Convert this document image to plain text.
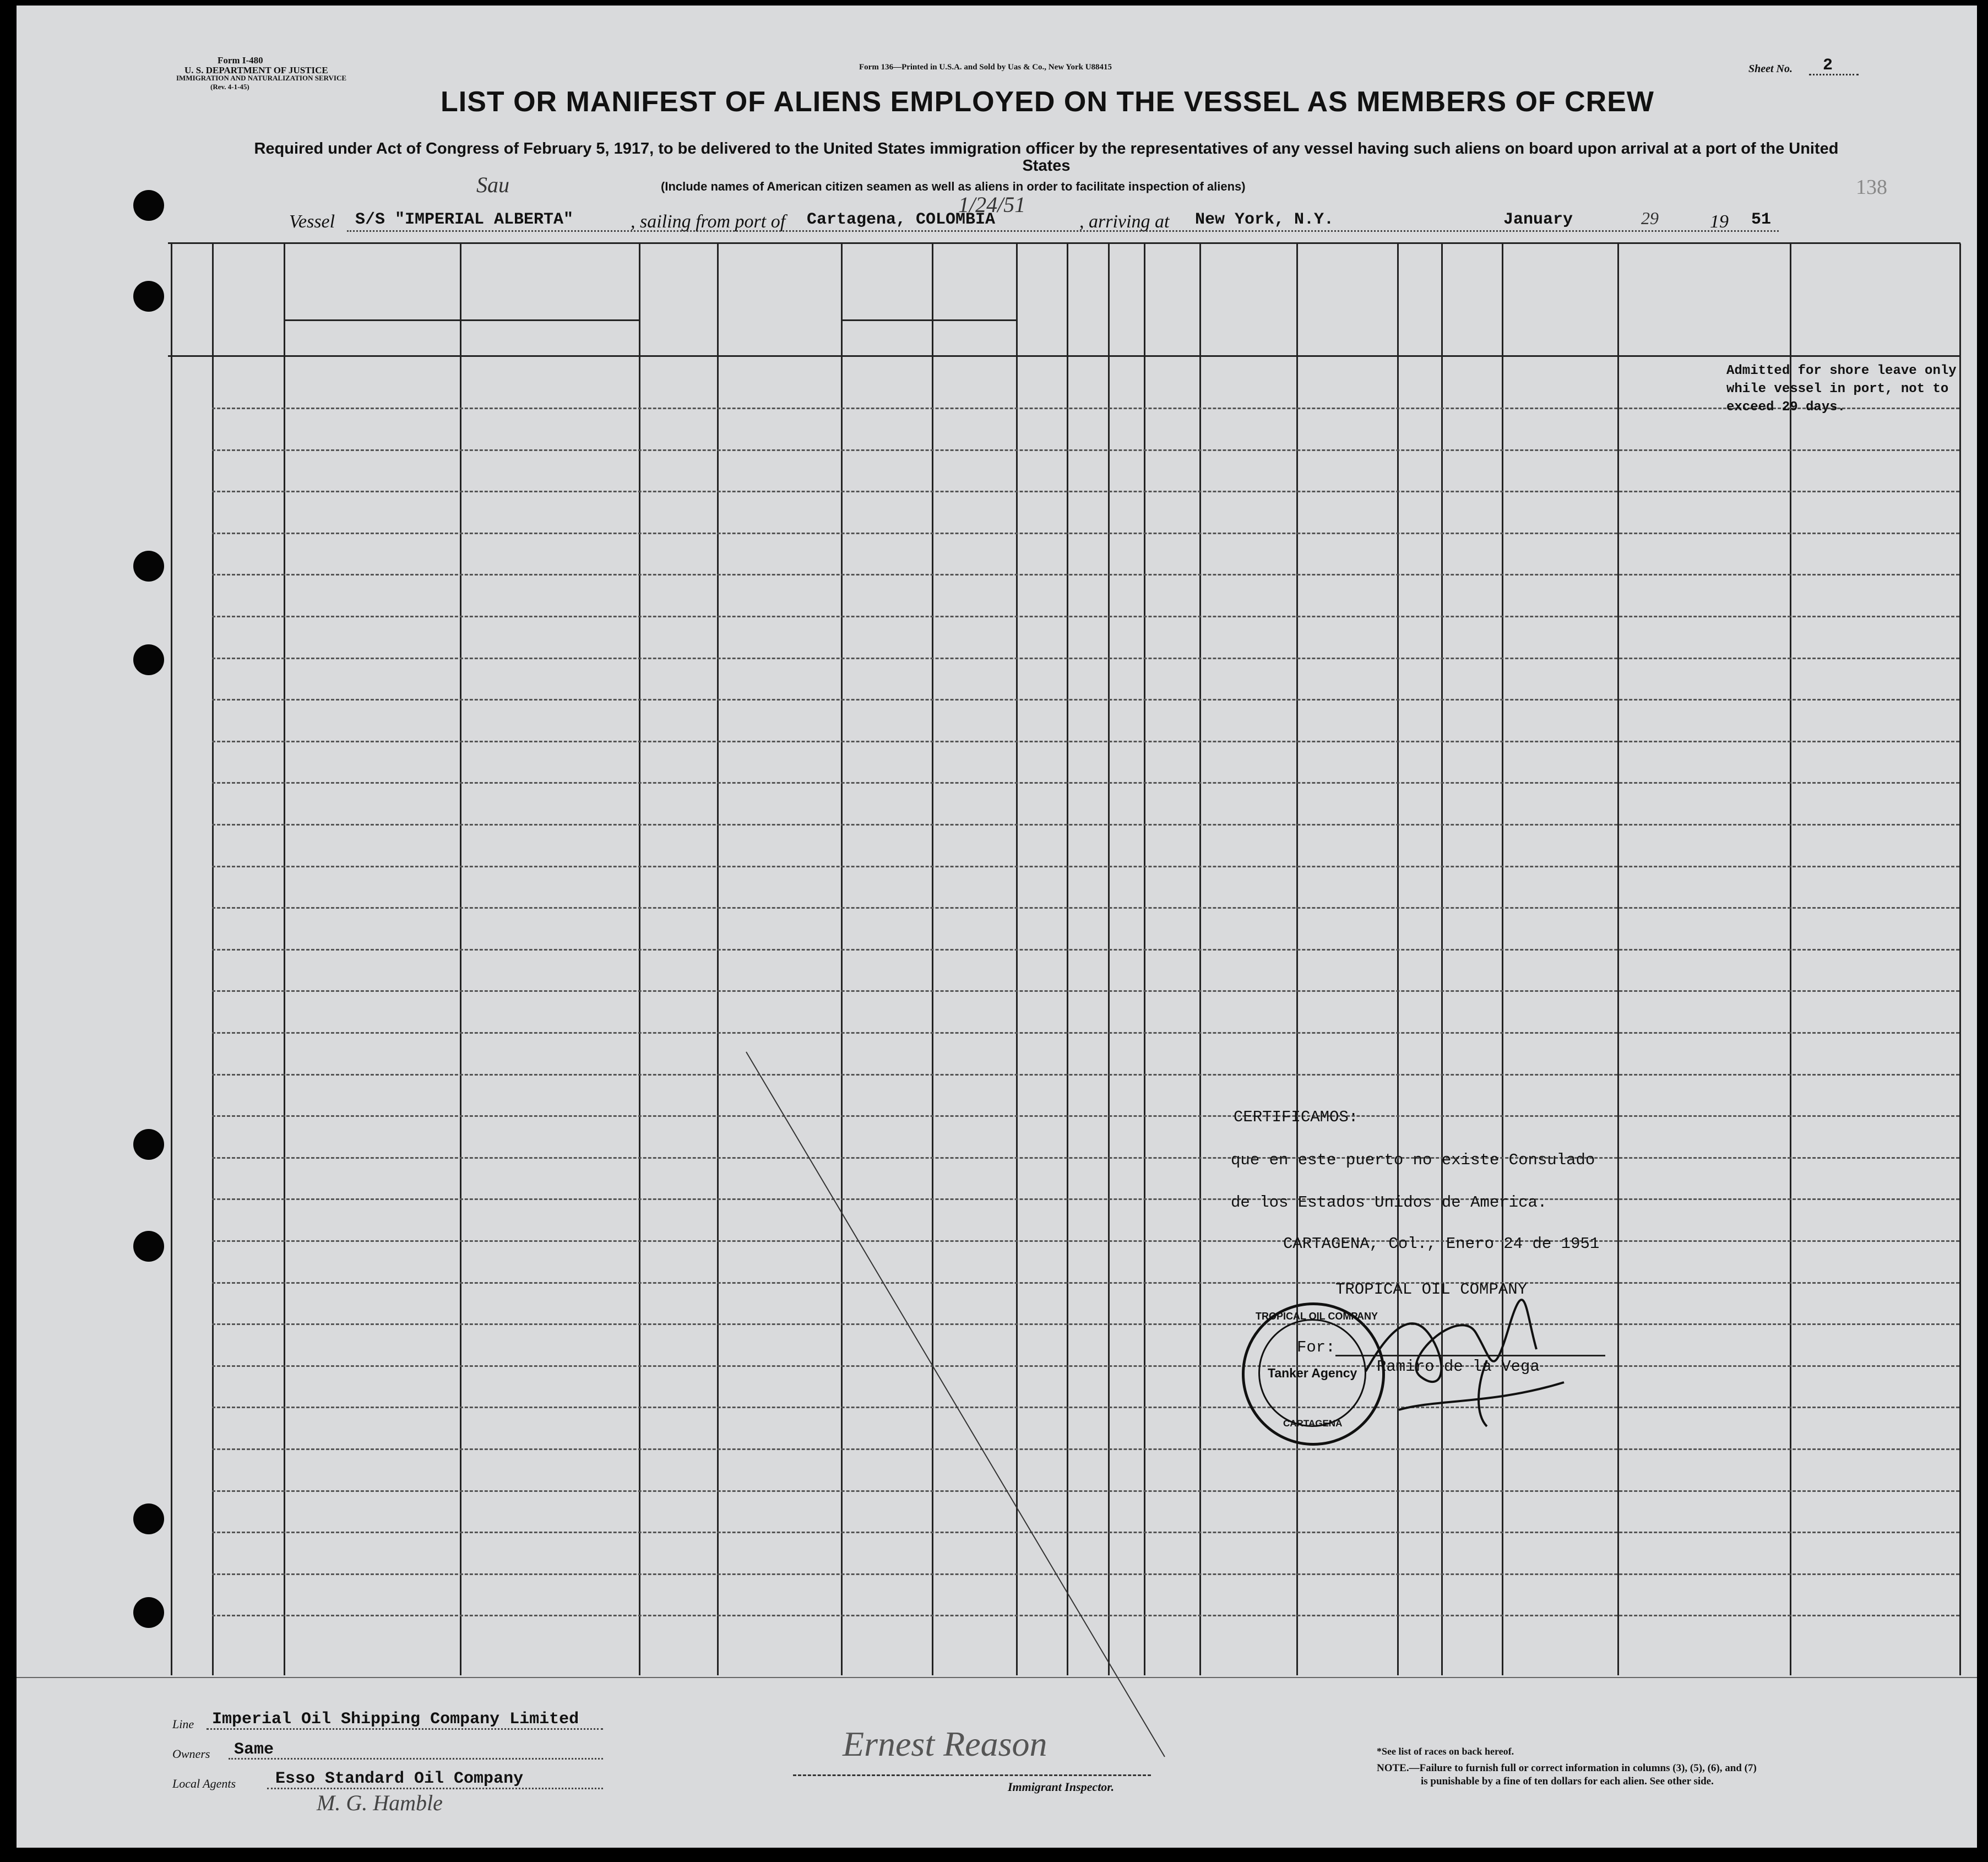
Form I-480
U. S. DEPARTMENT OF JUSTICE
IMMIGRATION AND NATURALIZATION SERVICE
(Rev. 4-1-45)
Form 136—Printed in U.S.A. and Sold by Uas & Co., New York U88415	Sheet No. 2
LIST OR MANIFEST OF ALIENS EMPLOYED ON THE VESSEL AS MEMBERS OF CREW
Required under Act of Congress of February 5, 1917, to be delivered to the United States immigration officer by the representatives of any vessel having such aliens on board upon arrival at a port of the United States
(Include names of American citizen seamen as well as aliens in order to facilitate inspection of aliens)	138
Vessel S/S "IMPERIAL ALBERTA"	, sailing from port of Cartagena, COLOMBIA	, arriving at New York, N.Y.	January	29	19 51
Sau
1/24/51
Admitted for shore leave only
while vessel in port, not to
exceed 29 days.
CERTIFICAMOS:
que en este puerto no existe Consulado
de los Estados Unidos de America.
CARTAGENA, Col., Enero 24 de 1951
TROPICAL OIL COMPANY
For:
Ramiro de la Vega
TROPICAL OIL COMPANY
Tanker Agency
CARTAGENA
Line Imperial Oil Shipping Company Limited
Owners Same
Local Agents Esso Standard Oil Company
M. G. Hamble
Ernest Reason
Immigrant Inspector.
*See list of races on back hereof.
NOTE.—Failure to furnish full or correct information in columns (3), (5), (6), and (7)
is punishable by a fine of ten dollars for each alien. See other side.
